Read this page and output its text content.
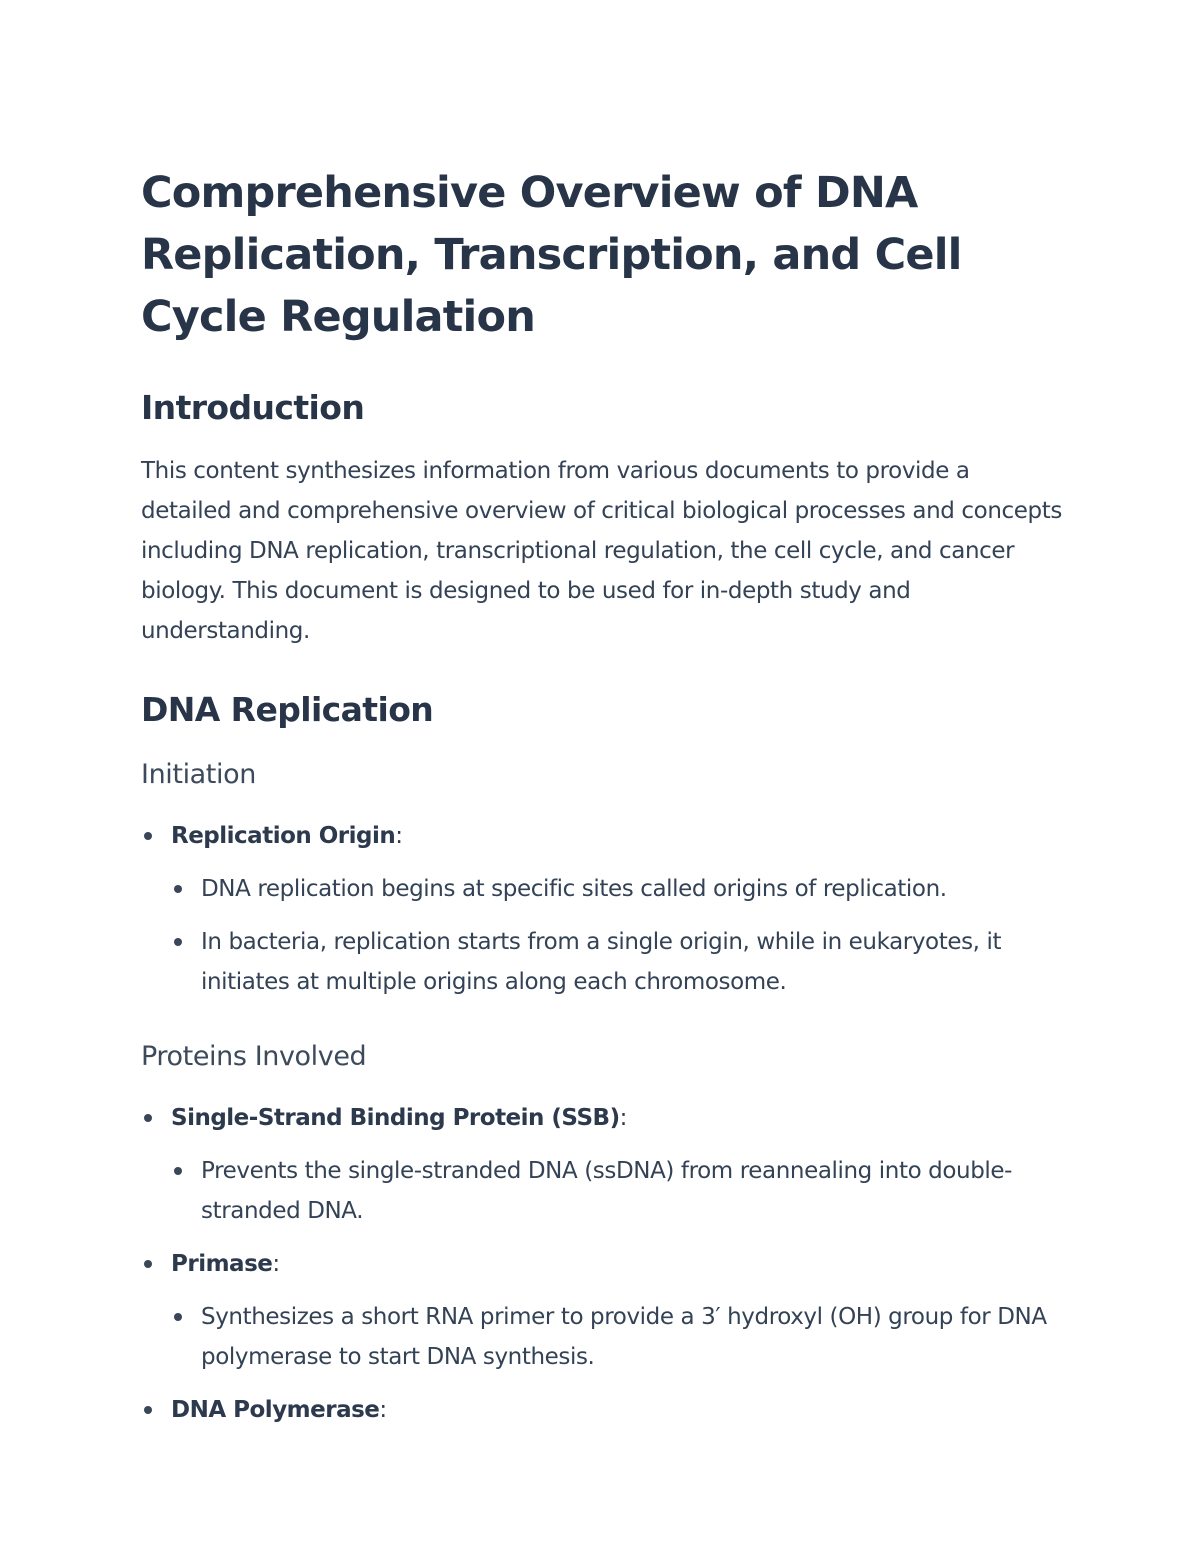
Comprehensive Overview of DNA Replication, Transcription, and Cell Cycle Regulation
Introduction

This content synthesizes information from various documents to provide a detailed and comprehensive overview of critical biological processes and concepts including DNA replication, transcriptional regulation, the cell cycle, and cancer biology. This document is designed to be used for in-depth study and understanding.

DNA Replication
Initiation
Replication Origin:
DNA replication begins at specific sites called origins of replication.
In bacteria, replication starts from a single origin, while in eukaryotes, it initiates at multiple origins along each chromosome.
Proteins Involved
Single-Strand Binding Protein (SSB):
Prevents the single-stranded DNA (ssDNA) from reannealing into double-stranded DNA.
Primase:
Synthesizes a short RNA primer to provide a 3′ hydroxyl (OH) group for DNA polymerase to start DNA synthesis.
DNA Polymerase:
